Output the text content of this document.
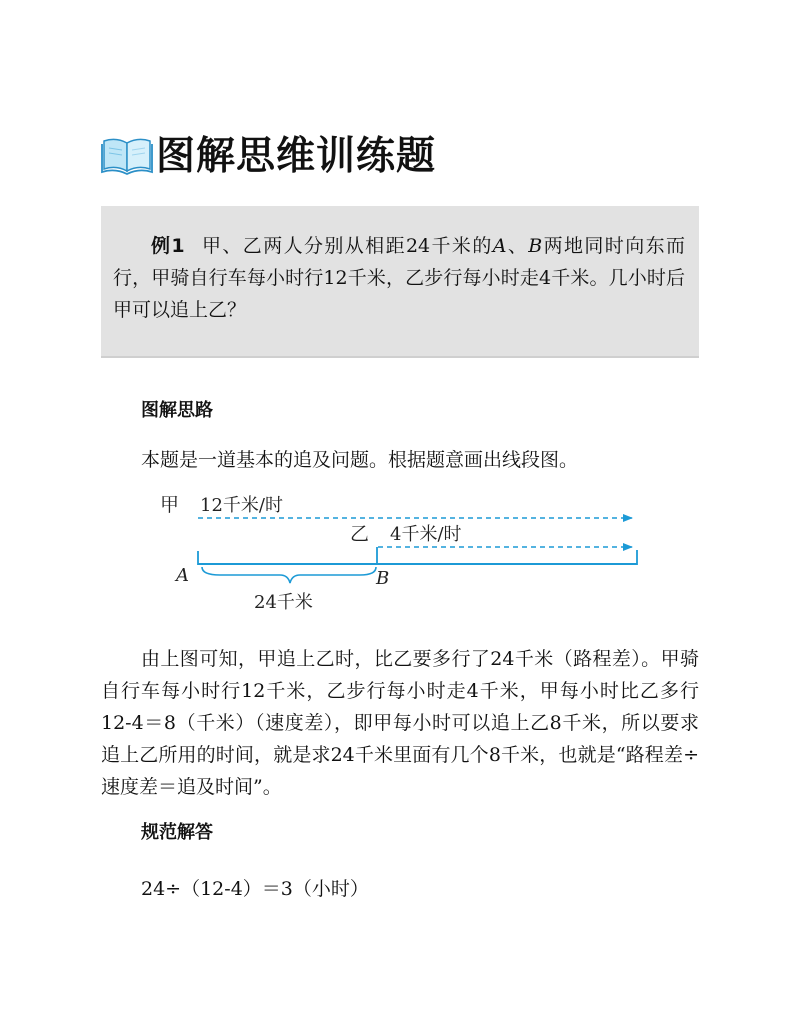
图解思维训练题

例1 甲、乙两人分别从相距24千米的A、B两地同时向东而行，甲骑自行车每小时行12千米，乙步行每小时走4千米。几小时后甲可以追上乙？

图解思路

本题是一道基本的追及问题。根据题意画出线段图。

甲 12千米/时
乙 4千米/时
A	B
24千米

由上图可知，甲追上乙时，比乙要多行了24千米（路程差）。甲骑自行车每小时行12千米，乙步行每小时走4千米，甲每小时比乙多行12-4＝8（千米）（速度差），即甲每小时可以追上乙8千米，所以要求追上乙所用的时间，就是求24千米里面有几个8千米，也就是“路程差÷速度差＝追及时间”。

规范解答

24÷（12-4）＝3（小时）
